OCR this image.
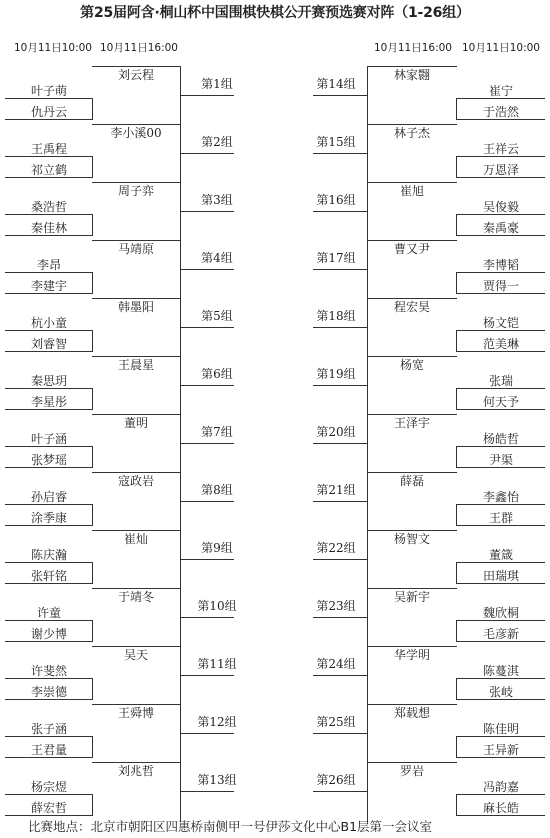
第25届阿含·桐山杯中国围棋快棋公开赛预选赛对阵（1-26组）
10月11日10:00 10月11日16:00	10月11日16:00 10月11日10:00
刘云程
第1组
叶子萌
仇丹云
林家翾
第14组	崔宁
于浩然
李小溪00
第2组
王禹程
祁立鹤
林子杰
第15组	王祥云
万恩泽
周子弈
第3组
桑浩哲
秦佳林
崔旭
第16组	吴俊毅
秦禹豪
马靖原
第4组
李昂
李建宇
曹又尹
第17组	李博韬
贾得一
韩墨阳
第5组
杭小童
刘睿智
程宏昊
第18组	杨文铠
范美琳
王晨星
第6组
秦思玥
李星彤
杨宽
第19组	张瑞
何天予
董明
第7组
叶子涵
张梦瑶
王泽宇
第20组	杨皓哲
尹渠
寇政岩
第8组
孙启睿
涂季康
薛磊
第21组	李鑫怡
王群
崔灿
第9组
陈庆瀚
张轩铭
杨智文
第22组	董箴
田瑞琪
于靖冬
第10组
许童
谢少博
吴新宇
第23组	魏欣桐
毛彦新
吴天
第11组
许斐然
李崇德
华学明
第24组	陈蔓淇
张岐
王舜博
第12组
张子涵
王君量
郑载想
第25组	陈佳明
王异新
刘兆哲
第13组
杨宗煜
薛宏哲
罗岩
第26组	冯韵嘉
麻长皓
比赛地点：北京市朝阳区四惠桥南侧甲一号伊莎文化中心B1层第一会议室
